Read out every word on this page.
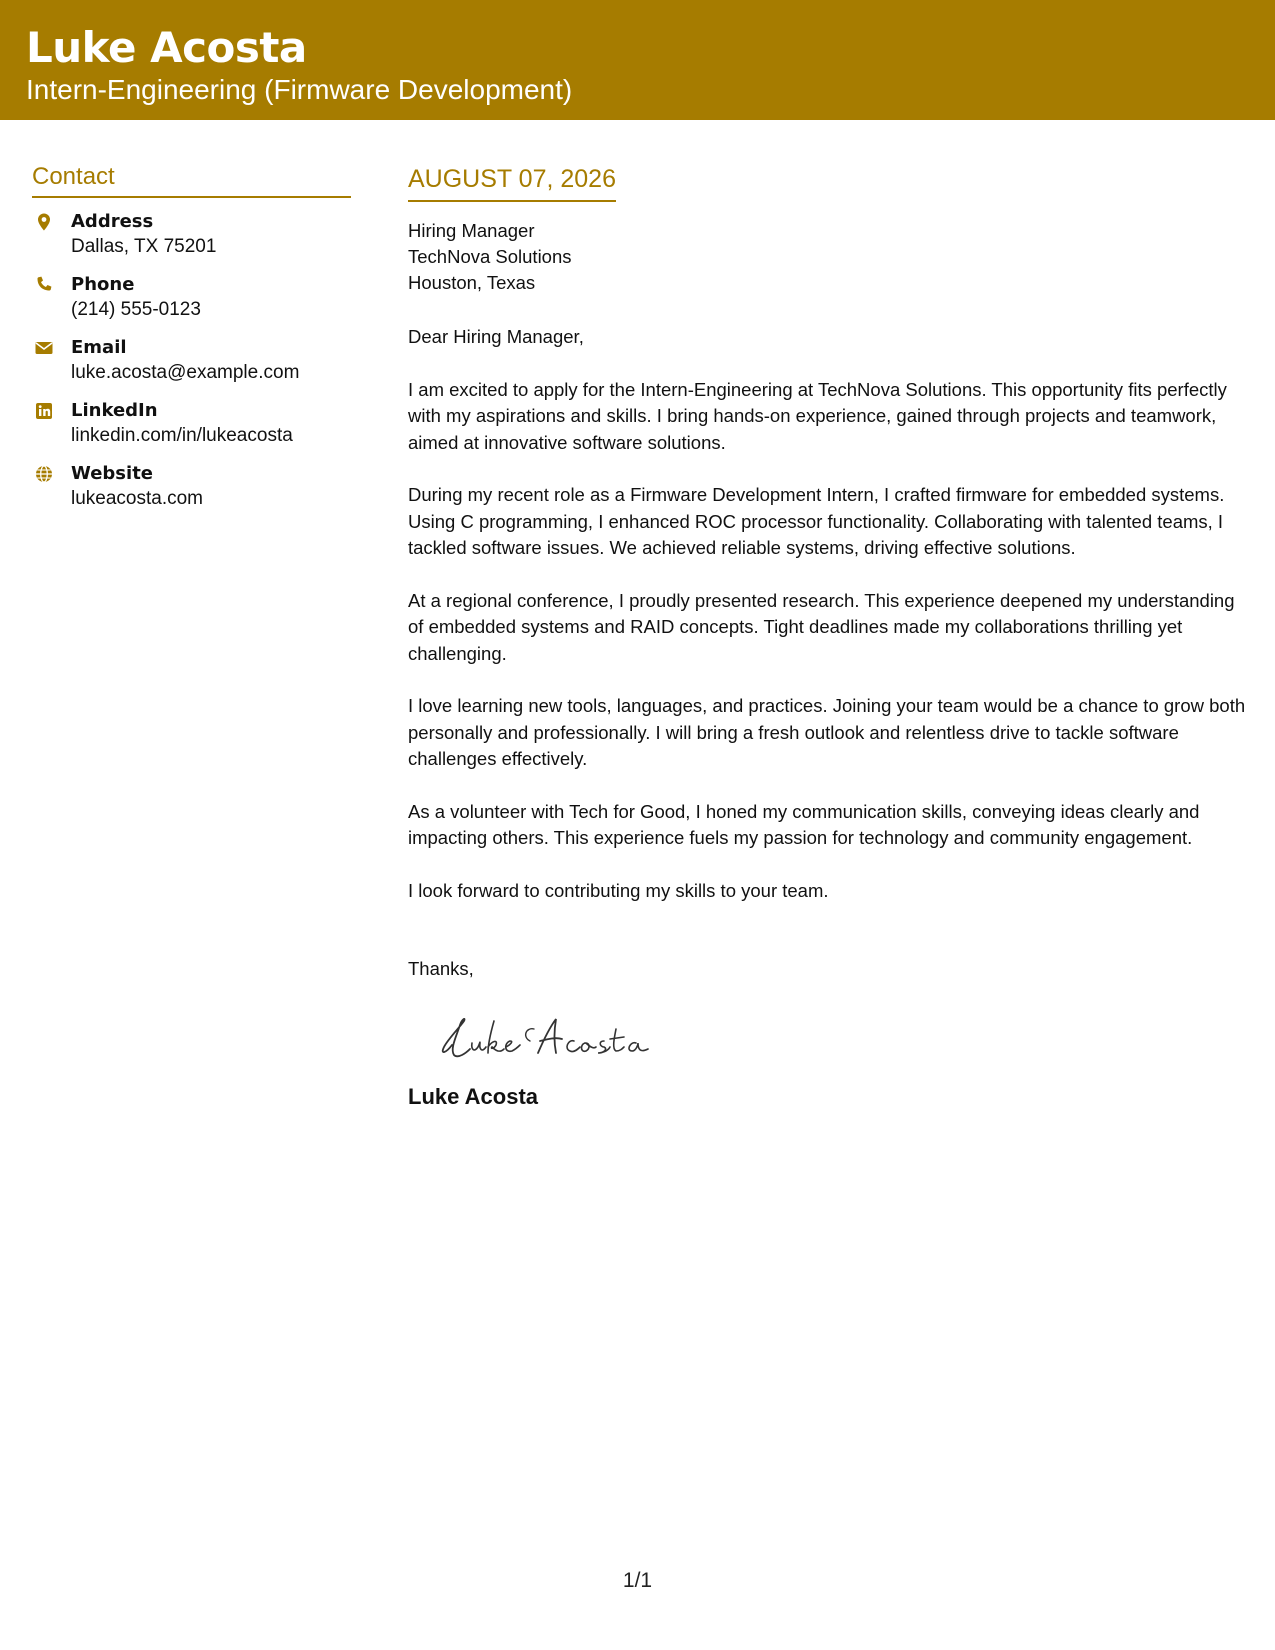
Luke Acosta
Intern-Engineering (Firmware Development)
Contact
Address
Dallas, TX 75201
Phone
(214) 555-0123
Email
luke.acosta@example.com
LinkedIn
linkedin.com/in/lukeacosta
Website
lukeacosta.com
AUGUST 07, 2026
Hiring Manager
TechNova Solutions
Houston, Texas
Dear Hiring Manager,
I am excited to apply for the Intern-Engineering at TechNova Solutions. This opportunity fits perfectly with my aspirations and skills. I bring hands-on experience, gained through projects and teamwork, aimed at innovative software solutions.
During my recent role as a Firmware Development Intern, I crafted firmware for embedded systems. Using C programming, I enhanced ROC processor functionality. Collaborating with talented teams, I tackled software issues. We achieved reliable systems, driving effective solutions.
At a regional conference, I proudly presented research. This experience deepened my understanding of embedded systems and RAID concepts. Tight deadlines made my collaborations thrilling yet challenging.
I love learning new tools, languages, and practices. Joining your team would be a chance to grow both personally and professionally. I will bring a fresh outlook and relentless drive to tackle software challenges effectively.
As a volunteer with Tech for Good, I honed my communication skills, conveying ideas clearly and impacting others. This experience fuels my passion for technology and community engagement.
I look forward to contributing my skills to your team.
Thanks,
Luke Acosta
1/1
